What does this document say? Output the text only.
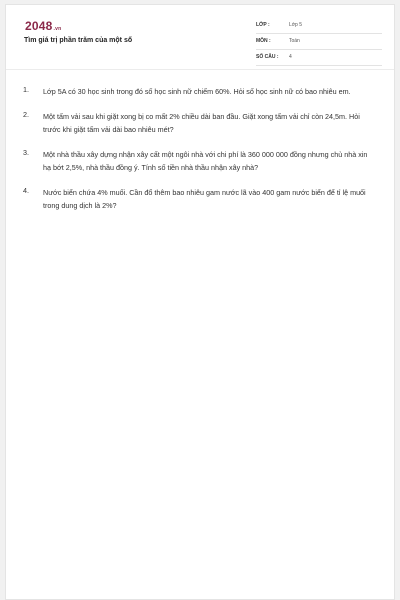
2048.vn
Tìm giá trị phần trăm của một số
LỚP :	Lớp 5
MÔN :	Toán
SỐ CÂU : 4
1. Lớp 5A có 30 học sinh trong đó số học sinh nữ chiếm 60%. Hỏi số học sinh nữ có bao nhiêu em.
2. Một tấm vải sau khi giặt xong bị co mất 2% chiều dài ban đầu. Giặt xong tấm vải chỉ còn 24,5m. Hỏi trước khi giặt tấm vải dài bao nhiêu mét?
3. Một nhà thầu xây dựng nhận xây cất một ngôi nhà với chi phí là 360 000 000 đồng nhưng chủ nhà xin hạ bớt 2,5%, nhà thầu đồng ý. Tính số tiền nhà thầu nhận xây nhà?
4. Nước biển chứa 4% muối. Cần đổ thêm bao nhiêu gam nước lã vào 400 gam nước biển để tỉ lệ muối trong dung dịch là 2%?
